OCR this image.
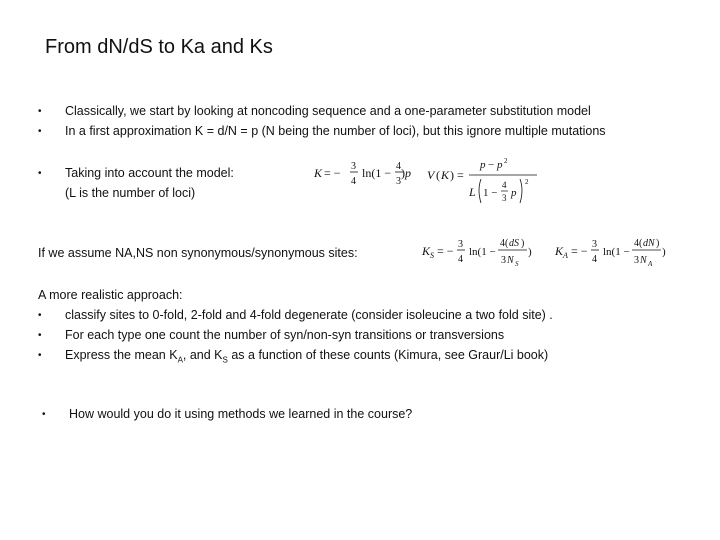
From dN/dS to Ka and Ks
• Classically, we start by looking at noncoding sequence and a one-parameter substitution model
• In a first approximation K = d/N = p (N being the number of loci), but this ignore multiple mutations
• Taking into account the model:
(L is the number of loci)
K = − 3
4
ln(1 − 4
3
p
) V ( K ) =
p − p 2
L 1 −
4
3 p
2
If we assume NA,NS non synonymous/synonymous sites:	K S = − 3
4
ln(1 −
4( dS )
3 N S
) K A = − 3
4
ln(1 −
4( dN )
3 N A
)
A more realistic approach:
• classify sites to 0-fold, 2-fold and 4-fold degenerate (consider isoleucine a two fold site) .
• For each type one count the number of syn/non-syn transitions or transversions
• Express the mean $K_A$, and $K_S$ as a function of these counts (Kimura, see Graur/Li book)
• How would you do it using methods we learned in the course?
